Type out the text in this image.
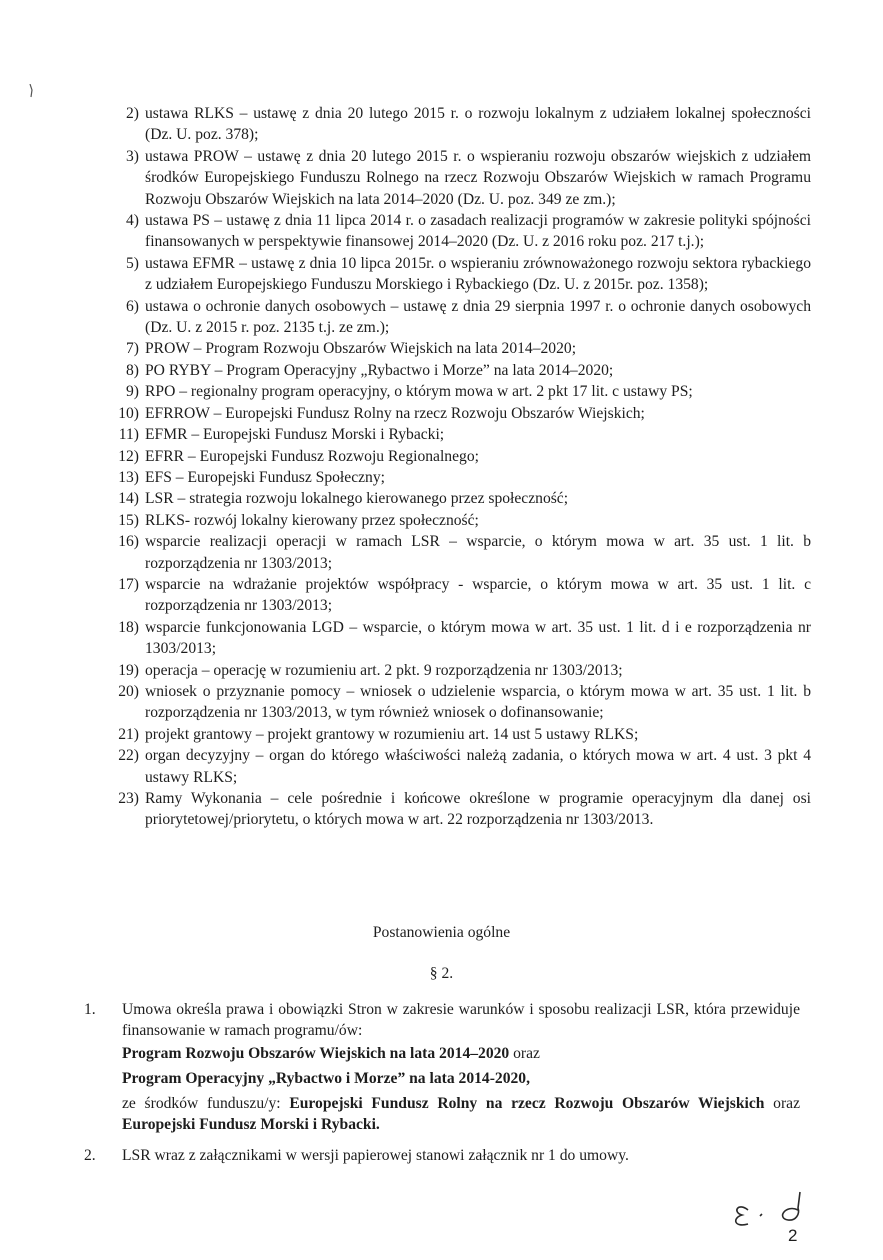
2) ustawa RLKS – ustawę z dnia 20 lutego 2015 r. o rozwoju lokalnym z udziałem lokalnej społeczności (Dz. U. poz. 378);
3) ustawa PROW – ustawę z dnia 20 lutego 2015 r. o wspieraniu rozwoju obszarów wiejskich z udziałem środków Europejskiego Funduszu Rolnego na rzecz Rozwoju Obszarów Wiejskich w ramach Programu Rozwoju Obszarów Wiejskich na lata 2014–2020 (Dz. U. poz. 349 ze zm.);
4) ustawa PS – ustawę z dnia 11 lipca 2014 r. o zasadach realizacji programów w zakresie polityki spójności finansowanych w perspektywie finansowej 2014–2020 (Dz. U. z 2016 roku poz. 217 t.j.);
5) ustawa EFMR – ustawę z dnia 10 lipca 2015r. o wspieraniu zrównoważonego rozwoju sektora rybackiego z udziałem Europejskiego Funduszu Morskiego i Rybackiego (Dz. U. z 2015r. poz. 1358);
6) ustawa o ochronie danych osobowych – ustawę z dnia 29 sierpnia 1997 r. o ochronie danych osobowych (Dz. U. z 2015 r. poz. 2135 t.j. ze zm.);
7) PROW – Program Rozwoju Obszarów Wiejskich na lata 2014–2020;
8) PO RYBY – Program Operacyjny „Rybactwo i Morze” na lata 2014–2020;
9) RPO – regionalny program operacyjny, o którym mowa w art. 2 pkt 17 lit. c ustawy PS;
10) EFRROW – Europejski Fundusz Rolny na rzecz Rozwoju Obszarów Wiejskich;
11) EFMR – Europejski Fundusz Morski i Rybacki;
12) EFRR – Europejski Fundusz Rozwoju Regionalnego;
13) EFS – Europejski Fundusz Społeczny;
14) LSR – strategia rozwoju lokalnego kierowanego przez społeczność;
15) RLKS- rozwój lokalny kierowany przez społeczność;
16) wsparcie realizacji operacji w ramach LSR – wsparcie, o którym mowa w art. 35 ust. 1 lit. b rozporządzenia nr 1303/2013;
17) wsparcie na wdrażanie projektów współpracy - wsparcie, o którym mowa w art. 35 ust. 1 lit. c rozporządzenia nr 1303/2013;
18) wsparcie funkcjonowania LGD – wsparcie, o którym mowa w art. 35 ust. 1 lit. d i e rozporządzenia nr 1303/2013;
19) operacja – operację w rozumieniu art. 2 pkt. 9 rozporządzenia nr 1303/2013;
20) wniosek o przyznanie pomocy – wniosek o udzielenie wsparcia, o którym mowa w art. 35 ust. 1 lit. b rozporządzenia nr 1303/2013, w tym również wniosek o dofinansowanie;
21) projekt grantowy – projekt grantowy w rozumieniu art. 14 ust 5 ustawy RLKS;
22) organ decyzyjny – organ do którego właściwości należą zadania, o których mowa w art. 4 ust. 3 pkt 4 ustawy RLKS;
23) Ramy Wykonania – cele pośrednie i końcowe określone w programie operacyjnym dla danej osi priorytetowej/priorytetu, o których mowa w art. 22 rozporządzenia nr 1303/2013.
Postanowienia ogólne
§ 2.
1.	Umowa określa prawa i obowiązki Stron w zakresie warunków i sposobu realizacji LSR, która przewiduje finansowanie w ramach programu/ów:
Program Rozwoju Obszarów Wiejskich na lata 2014–2020 oraz
Program Operacyjny „Rybactwo i Morze” na lata 2014-2020,
ze środków funduszu/y: Europejski Fundusz Rolny na rzecz Rozwoju Obszarów Wiejskich oraz Europejski Fundusz Morski i Rybacki.
2.	LSR wraz z załącznikami w wersji papierowej stanowi załącznik nr 1 do umowy.
2
